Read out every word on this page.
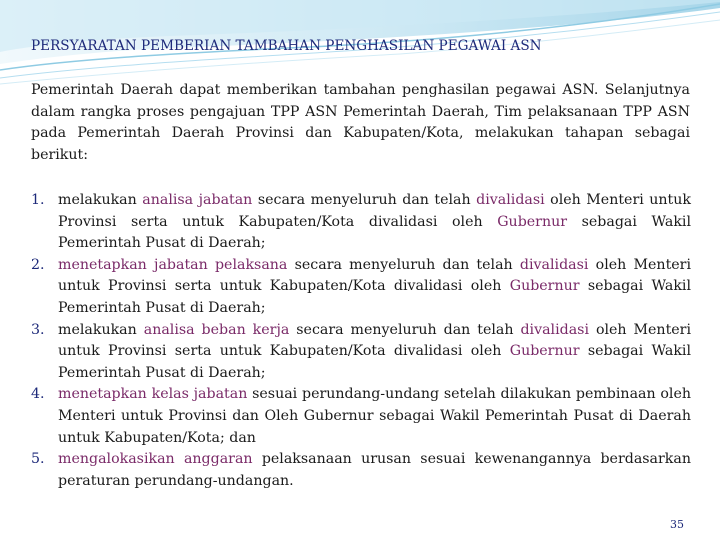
PERSYARATAN PEMBERIAN TAMBAHAN PENGHASILAN PEGAWAI ASN
Pemerintah Daerah dapat memberikan tambahan penghasilan pegawai ASN. Selanjutnya dalam rangka proses pengajuan TPP ASN Pemerintah Daerah, Tim pelaksanaan TPP ASN pada Pemerintah Daerah Provinsi dan Kabupaten/Kota, melakukan tahapan sebagai berikut:
1. melakukan analisa jabatan secara menyeluruh dan telah divalidasi oleh Menteri untuk Provinsi serta untuk Kabupaten/Kota divalidasi oleh Gubernur sebagai Wakil Pemerintah Pusat di Daerah;
2. menetapkan jabatan pelaksana secara menyeluruh dan telah divalidasi oleh Menteri untuk Provinsi serta untuk Kabupaten/Kota divalidasi oleh Gubernur sebagai Wakil Pemerintah Pusat di Daerah;
3. melakukan analisa beban kerja secara menyeluruh dan telah divalidasi oleh Menteri untuk Provinsi serta untuk Kabupaten/Kota divalidasi oleh Gubernur sebagai Wakil Pemerintah Pusat di Daerah;
4. menetapkan kelas jabatan sesuai perundang-undang setelah dilakukan pembinaan oleh Menteri untuk Provinsi dan Oleh Gubernur sebagai Wakil Pemerintah Pusat di Daerah untuk Kabupaten/Kota; dan
5. mengalokasikan anggaran pelaksanaan urusan sesuai kewenangannya berdasarkan peraturan perundang-undangan.
35
